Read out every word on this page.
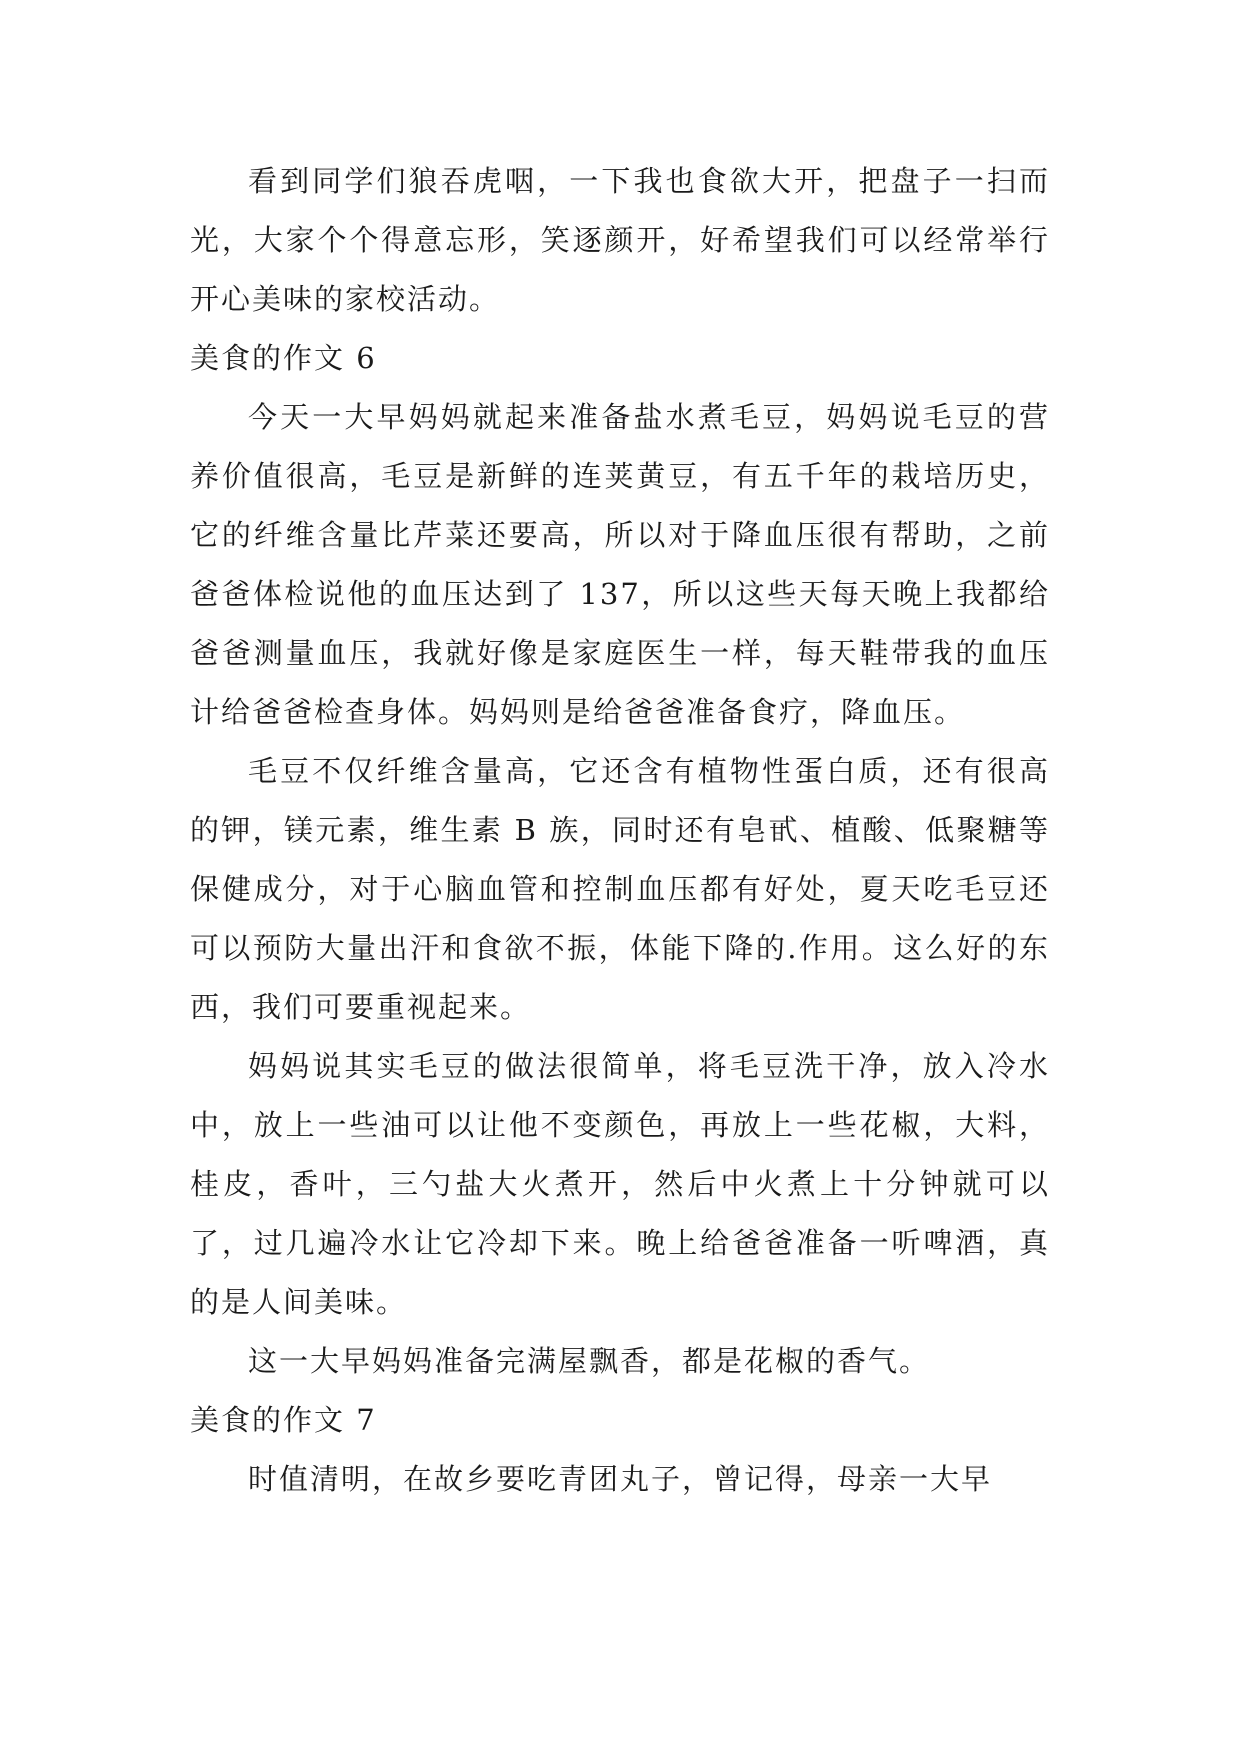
看到同学们狼吞虎咽，一下我也食欲大开，把盘子一扫而光，大家个个得意忘形，笑逐颜开，好希望我们可以经常举行开心美味的家校活动。

美食的作文 6

今天一大早妈妈就起来准备盐水煮毛豆，妈妈说毛豆的营养价值很高，毛豆是新鲜的连荚黄豆，有五千年的栽培历史，它的纤维含量比芹菜还要高，所以对于降血压很有帮助，之前爸爸体检说他的血压达到了 137，所以这些天每天晚上我都给爸爸测量血压，我就好像是家庭医生一样，每天鞋带我的血压计给爸爸检查身体。妈妈则是给爸爸准备食疗，降血压。

毛豆不仅纤维含量高，它还含有植物性蛋白质，还有很高的钾，镁元素，维生素 B 族，同时还有皂甙、植酸、低聚糖等保健成分，对于心脑血管和控制血压都有好处，夏天吃毛豆还可以预防大量出汗和食欲不振，体能下降的.作用。这么好的东西，我们可要重视起来。

妈妈说其实毛豆的做法很简单，将毛豆洗干净，放入冷水中，放上一些油可以让他不变颜色，再放上一些花椒，大料，桂皮，香叶，三勺盐大火煮开，然后中火煮上十分钟就可以了，过几遍冷水让它冷却下来。晚上给爸爸准备一听啤酒，真的是人间美味。

这一大早妈妈准备完满屋飘香，都是花椒的香气。

美食的作文 7

时值清明，在故乡要吃青团丸子，曾记得，母亲一大早
